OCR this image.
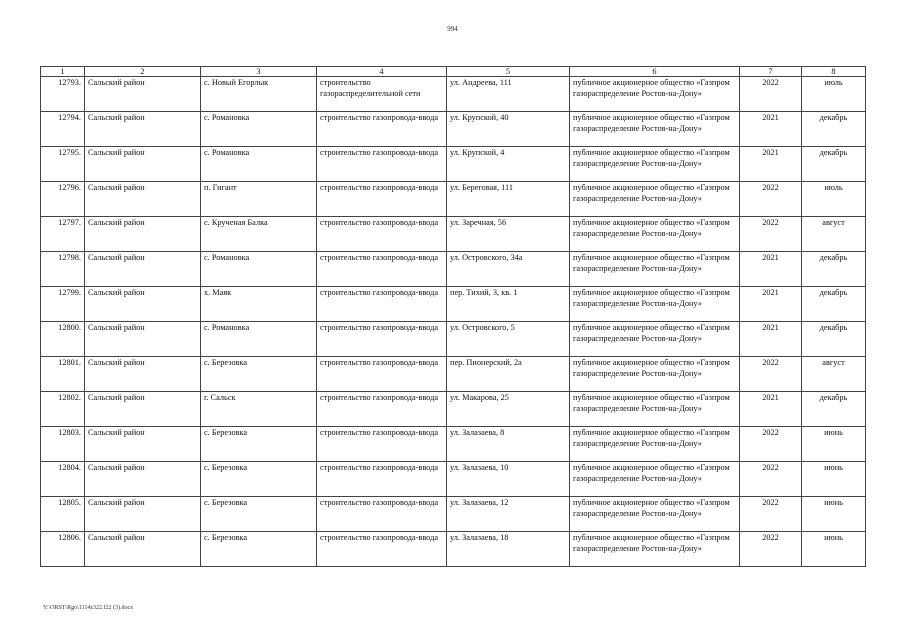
994
1	2	3	4	5	6	7	8
12793.	Сальский район	с. Новый Егорлык	строительство газораспределительной сети	ул. Андреева, 111	публичное акционерное общество «Газпром газораспределение Ростов-на-Дону»	2022	июль
12794.	Сальский район	с. Романовка	строительство газопровода-ввода	ул. Крупской, 40	публичное акционерное общество «Газпром газораспределение Ростов-на-Дону»	2021	декабрь
12795.	Сальский район	с. Романовка	строительство газопровода-ввода	ул. Крупской, 4	публичное акционерное общество «Газпром газораспределение Ростов-на-Дону»	2021	декабрь
12796.	Сальский район	п. Гигант	строительство газопровода-ввода	ул. Береговая, 111	публичное акционерное общество «Газпром газораспределение Ростов-на-Дону»	2022	июль
12797.	Сальский район	с. Крученая Балка	строительство газопровода-ввода	ул. Заречная, 56	публичное акционерное общество «Газпром газораспределение Ростов-на-Дону»	2022	август
12798.	Сальский район	с. Романовка	строительство газопровода-ввода	ул. Островского, 34а	публичное акционерное общество «Газпром газораспределение Ростов-на-Дону»	2021	декабрь
12799.	Сальский район	х. Маяк	строительство газопровода-ввода	пер. Тихий, 3, кв. 1	публичное акционерное общество «Газпром газораспределение Ростов-на-Дону»	2021	декабрь
12800.	Сальский район	с. Романовка	строительство газопровода-ввода	ул. Островского, 5	публичное акционерное общество «Газпром газораспределение Ростов-на-Дону»	2021	декабрь
12801.	Сальский район	с. Березовка	строительство газопровода-ввода	пер. Пионерский, 2а	публичное акционерное общество «Газпром газораспределение Ростов-на-Дону»	2022	август
12802.	Сальский район	г. Сальск	строительство газопровода-ввода	ул. Макарова, 25	публичное акционерное общество «Газпром газораспределение Ростов-на-Дону»	2021	декабрь
12803.	Сальский район	с. Березовка	строительство газопровода-ввода	ул. Залазаева, 8	публичное акционерное общество «Газпром газораспределение Ростов-на-Дону»	2022	июнь
12804.	Сальский район	с. Березовка	строительство газопровода-ввода	ул. Залазаева, 10	публичное акционерное общество «Газпром газораспределение Ростов-на-Дону»	2022	июнь
12805.	Сальский район	с. Березовка	строительство газопровода-ввода	ул. Залазаева, 12	публичное акционерное общество «Газпром газораспределение Ростов-на-Дону»	2022	июнь
12806.	Сальский район	с. Березовка	строительство газопровода-ввода	ул. Залазаева, 18	публичное акционерное общество «Газпром газораспределение Ростов-на-Дону»	2022	июнь
Y:\ORST\Rgo\1114z322.f22 (3).docx
